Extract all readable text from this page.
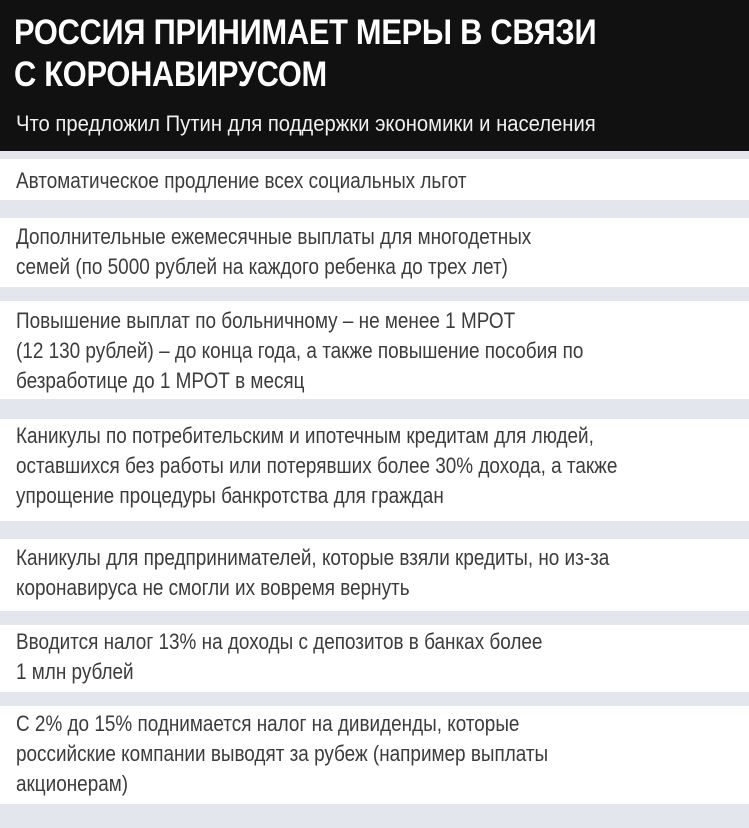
РОССИЯ ПРИНИМАЕТ МЕРЫ В СВЯЗИ
С КОРОНАВИРУСОМ
Что предложил Путин для поддержки экономики и населения
Автоматическое продление всех социальных льгот
Дополнительные ежемесячные выплаты для многодетных
семей (по 5000 рублей на каждого ребенка до трех лет)
Повышение выплат по больничному – не менее 1 МРОТ
(12 130 рублей) – до конца года, а также повышение пособия по
безработице до 1 МРОТ в месяц
Каникулы по потребительским и ипотечным кредитам для людей,
оставшихся без работы или потерявших более 30% дохода, а также
упрощение процедуры банкротства для граждан
Каникулы для предпринимателей, которые взяли кредиты, но из-за
коронавируса не смогли их вовремя вернуть
Вводится налог 13% на доходы с депозитов в банках более
1 млн рублей
С 2% до 15% поднимается налог на дивиденды, которые
российские компании выводят за рубеж (например выплаты
акционерам)
